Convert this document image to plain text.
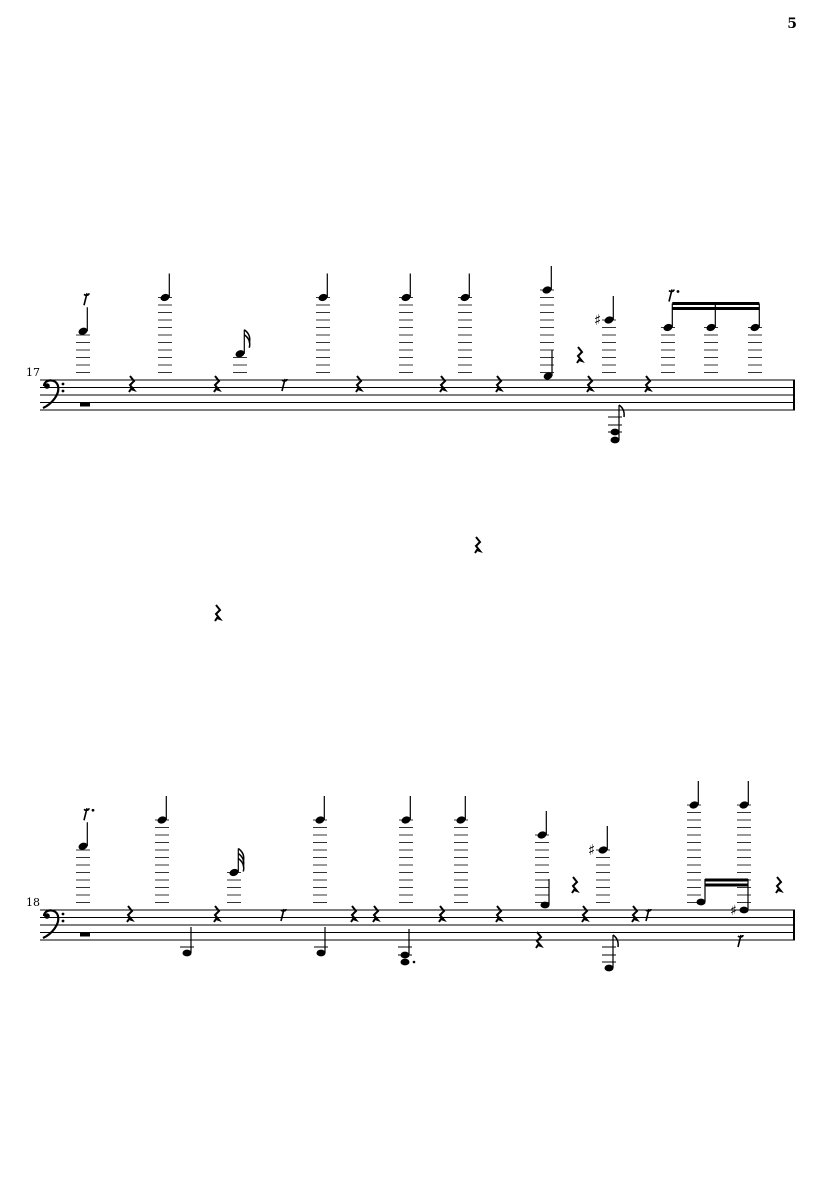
5
17
18
♯
♯
♯
